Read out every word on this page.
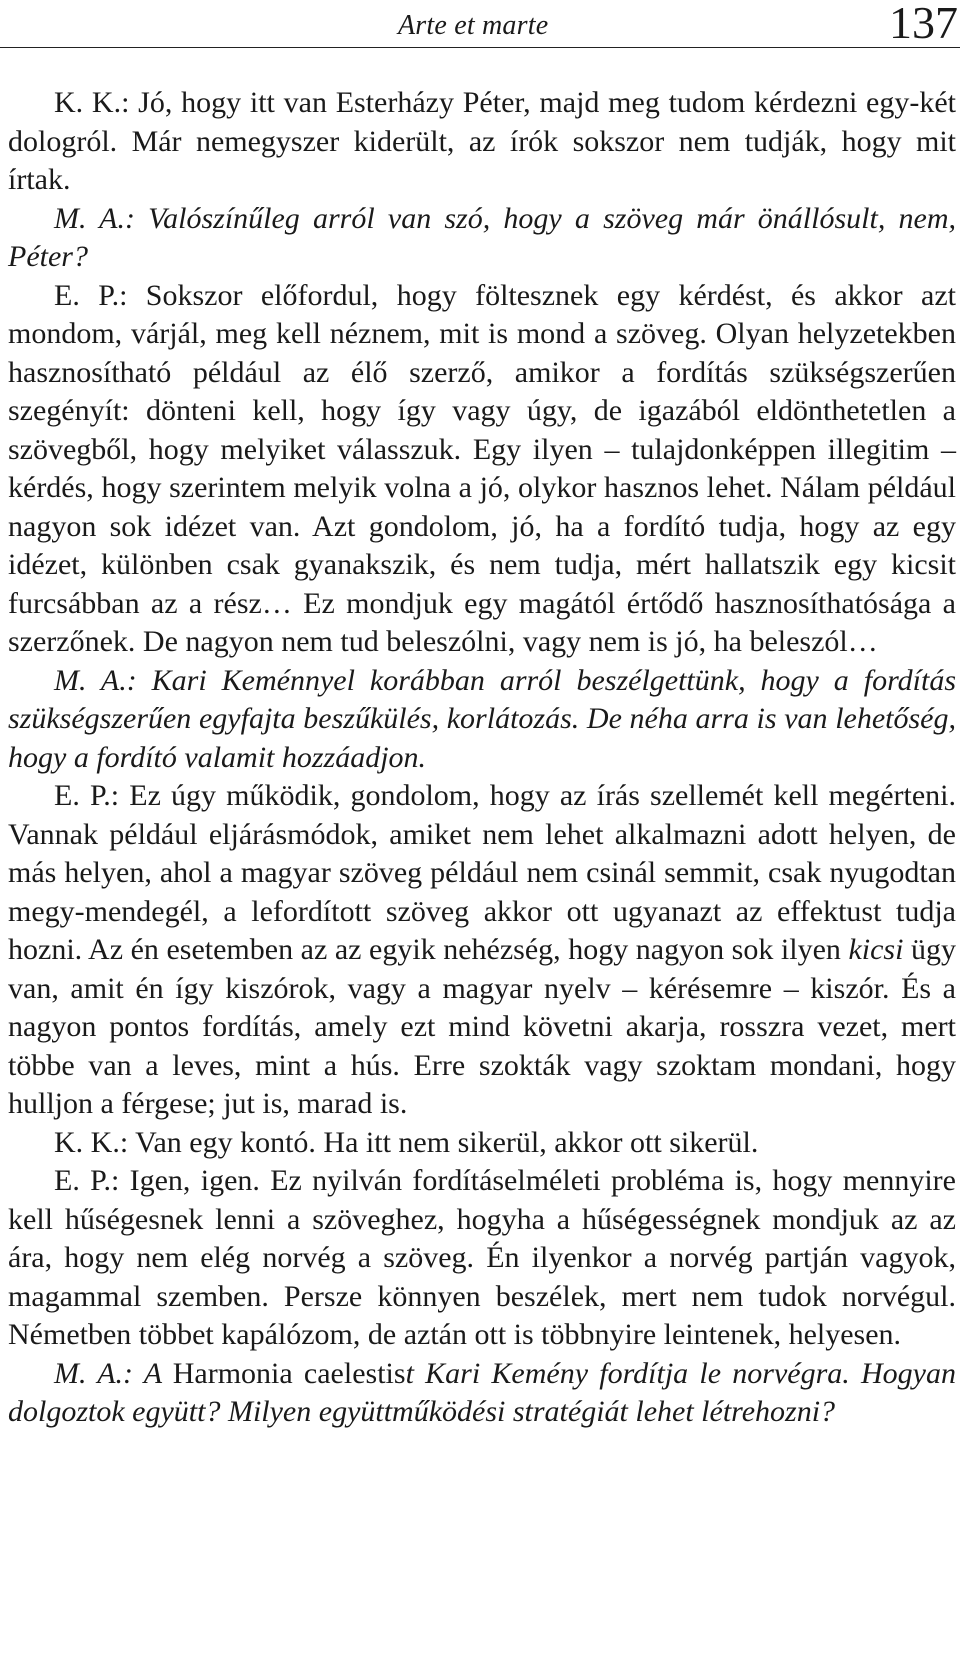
Arte et marte	137

K. K.: Jó, hogy itt van Esterházy Péter, majd meg tudom kérdezni egy-két dologról. Már nemegyszer kiderült, az írók sokszor nem tudják, hogy mit írtak.

M. A.: Valószínűleg arról van szó, hogy a szöveg már önállósult, nem, Péter?

E. P.: Sokszor előfordul, hogy föltesznek egy kérdést, és akkor azt mondom, várjál, meg kell néznem, mit is mond a szöveg. Olyan helyzetekben hasznosítható például az élő szerző, amikor a fordítás szükségszerűen szegényít: dönteni kell, hogy így vagy úgy, de igazából eldönthetetlen a szövegből, hogy melyiket válasszuk. Egy ilyen – tulajdonképpen illegitim – kérdés, hogy szerintem melyik volna a jó, olykor hasznos lehet. Nálam például nagyon sok idézet van. Azt gondolom, jó, ha a fordító tudja, hogy az egy idézet, különben csak gyanakszik, és nem tudja, mért hallatszik egy kicsit furcsábban az a rész… Ez mondjuk egy magától értődő hasznosíthatósága a szerzőnek. De nagyon nem tud beleszólni, vagy nem is jó, ha beleszól…

M. A.: Kari Keménnyel korábban arról beszélgettünk, hogy a fordítás szükségszerűen egyfajta beszűkülés, korlátozás. De néha arra is van lehetőség, hogy a fordító valamit hozzáadjon.

E. P.: Ez úgy működik, gondolom, hogy az írás szellemét kell megérteni. Vannak például eljárásmódok, amiket nem lehet alkalmazni adott helyen, de más helyen, ahol a magyar szöveg például nem csinál semmit, csak nyugodtan megy-mendegél, a lefordított szöveg akkor ott ugyanazt az effektust tudja hozni. Az én esetemben az az egyik nehézség, hogy nagyon sok ilyen kicsi ügy van, amit én így kiszórok, vagy a magyar nyelv – kérésemre – kiszór. És a nagyon pontos fordítás, amely ezt mind követni akarja, rosszra vezet, mert többe van a leves, mint a hús. Erre szokták vagy szoktam mondani, hogy hulljon a férgese; jut is, marad is.

K. K.: Van egy kontó. Ha itt nem sikerül, akkor ott sikerül.

E. P.: Igen, igen. Ez nyilván fordításelméleti probléma is, hogy mennyire kell hűségesnek lenni a szöveghez, hogyha a hűségességnek mondjuk az az ára, hogy nem elég norvég a szöveg. Én ilyenkor a norvég partján vagyok, magammal szemben. Persze könnyen beszélek, mert nem tudok norvégul. Németben többet kapálózom, de aztán ott is többnyire leintenek, helyesen.

M. A.: A Harmonia caelestist Kari Kemény fordítja le norvégra. Hogyan dolgoztok együtt? Milyen együttműködési stratégiát lehet létrehozni?
